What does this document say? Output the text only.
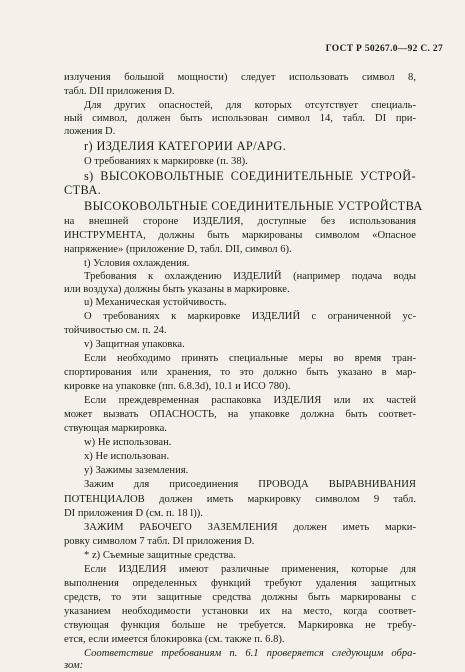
ГОСТ Р 50267.0—92 С. 27
излучения большой мощности) следует использовать символ 8,
табл. DII приложения D.
Для других опасностей, для которых отсутствует специаль-
ный символ, должен быть использован символ 14, табл. DI при-
ложения D.
r) ИЗДЕЛИЯ КАТЕГОРИИ AP/APG.
О требованиях к маркировке (п. 38).
s) ВЫСОКОВОЛЬТНЫЕ СОЕДИНИТЕЛЬНЫЕ УСТРОЙ-
СТВА.
ВЫСОКОВОЛЬТНЫЕ СОЕДИНИТЕЛЬНЫЕ УСТРОЙСТВА
на внешней стороне ИЗДЕЛИЯ, доступные без использования
ИНСТРУМЕНТА, должны быть маркированы символом «Опасное
напряжение» (приложение D, табл. DII, символ 6).
t) Условия охлаждения.
Требования к охлаждению ИЗДЕЛИЙ (например подача воды
или воздуха) должны быть указаны в маркировке.
u) Механическая устойчивость.
О требованиях к маркировке ИЗДЕЛИЙ с ограниченной ус-
тойчивостью см. п. 24.
v) Защитная упаковка.
Если необходимо принять специальные меры во время тран-
спортирования или хранения, то это должно быть указано в мар-
кировке на упаковке (пп. 6.8.3d), 10.1 и ИСО 780).
Если преждевременная распаковка ИЗДЕЛИЯ или их частей
может вызвать ОПАСНОСТЬ, на упаковке должна быть соответ-
ствующая маркировка.
w) Не использован.
x) Не использован.
y) Зажимы заземления.
Зажим для присоединения ПРОВОДА ВЫРАВНИВАНИЯ
ПОТЕНЦИАЛОВ должен иметь маркировку символом 9 табл.
DI приложения D (см. п. 18 l)).
ЗАЖИМ РАБОЧЕГО ЗАЗЕМЛЕНИЯ должен иметь марки-
ровку символом 7 табл. DI приложения D.
* z) Съемные защитные средства.
Если ИЗДЕЛИЯ имеют различные применения, которые для
выполнения определенных функций требуют удаления защитных
средств, то эти защитные средства должны быть маркированы с
указанием необходимости установки их на место, когда соответ-
ствующая функция больше не требуется. Маркировка не требу-
ется, если имеется блокировка (см. также п. 6.8).
Соответствие требованиям п. 6.1 проверяется следующим обра-
зом:
